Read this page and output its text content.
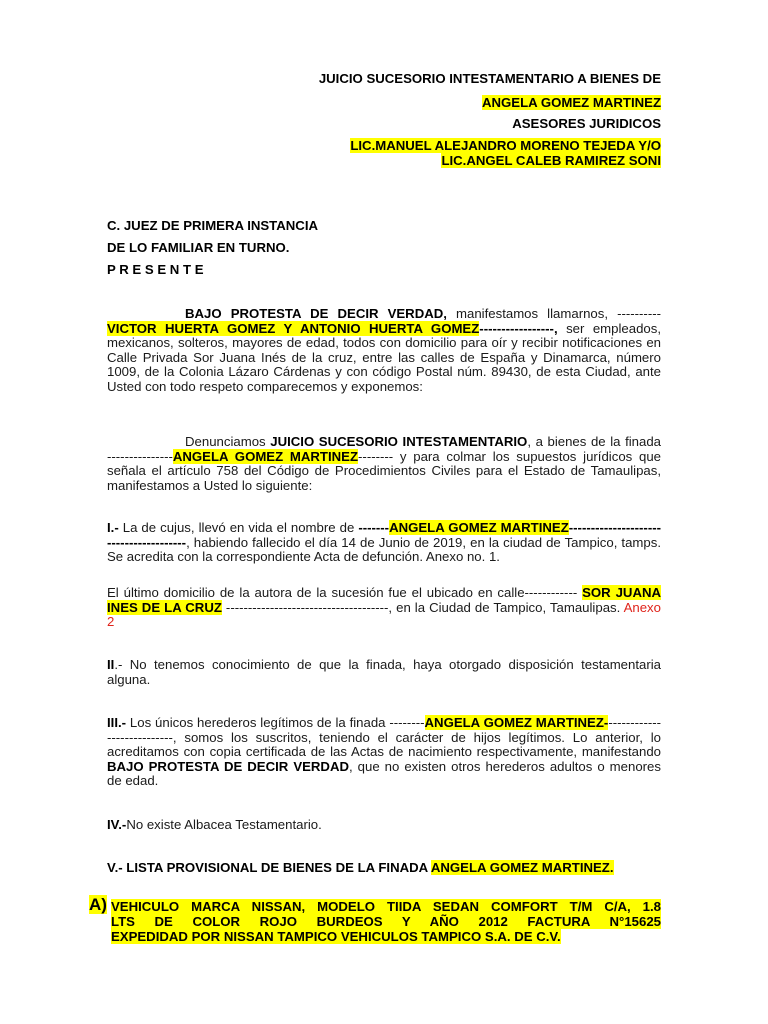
JUICIO SUCESORIO INTESTAMENTARIO A BIENES DE
ANGELA GOMEZ MARTINEZ
ASESORES JURIDICOS
LIC.MANUEL ALEJANDRO MORENO TEJEDA Y/O
LIC.ANGEL CALEB RAMIREZ SONI
C. JUEZ DE PRIMERA INSTANCIA
DE LO FAMILIAR EN TURNO.
P R E S E N T E
BAJO PROTESTA DE DECIR VERDAD, manifestamos llamarnos, ----------VICTOR HUERTA GOMEZ Y ANTONIO HUERTA GOMEZ-----------------, ser empleados, mexicanos, solteros, mayores de edad, todos con domicilio para oír y recibir notificaciones en Calle Privada Sor Juana Inés de la cruz, entre las calles de España y Dinamarca, número 1009, de la Colonia Lázaro Cárdenas y con código Postal núm. 89430, de esta Ciudad, ante Usted con todo respeto comparecemos y exponemos:
Denunciamos JUICIO SUCESORIO INTESTAMENTARIO, a bienes de la finada ---------------ANGELA GOMEZ MARTINEZ-------- y para colmar los supuestos jurídicos que señala el artículo 758 del Código de Procedimientos Civiles para el Estado de Tamaulipas, manifestamos a Usted lo siguiente:
I.- La de cujus, llevó en vida el nombre de -------ANGELA GOMEZ MARTINEZ---------------------------------------, habiendo fallecido el día 14 de Junio de 2019, en la ciudad de Tampico, tamps. Se acredita con la correspondiente Acta de defunción. Anexo no. 1.
El último domicilio de la autora de la sucesión fue el ubicado en calle------------ SOR JUANA INES DE LA CRUZ -------------------------------------, en la Ciudad de Tampico, Tamaulipas. Anexo 2
II.- No tenemos conocimiento de que la finada, haya otorgado disposición testamentaria alguna.
III.- Los únicos herederos legítimos de la finada --------ANGELA GOMEZ MARTINEZ----------------------------, somos los suscritos, teniendo el carácter de hijos legítimos. Lo anterior, lo acreditamos con copia certificada de las Actas de nacimiento respectivamente, manifestando BAJO PROTESTA DE DECIR VERDAD, que no existen otros herederos adultos o menores de edad.
IV.-No existe Albacea Testamentario.
V.- LISTA PROVISIONAL DE BIENES DE LA FINADA ANGELA GOMEZ MARTINEZ.
A) VEHICULO MARCA NISSAN, MODELO TIIDA SEDAN COMFORT T/M C/A, 1.8
LTS DE COLOR ROJO BURDEOS Y AÑO 2012 FACTURA N°15625
EXPEDIDAD POR NISSAN TAMPICO VEHICULOS TAMPICO S.A. DE C.V.
